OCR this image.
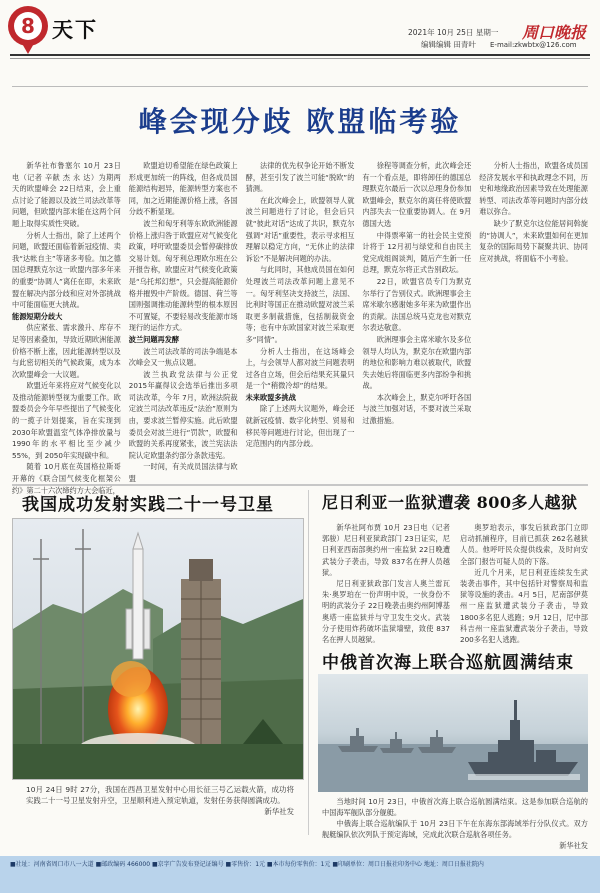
8 天下	2021年 10月 25日 星期一
编辑编辑 田青叶
周口晚报
E-mail:zkwbtx@126.com
峰会现分歧 欧盟临考验

新华社布鲁塞尔 10月 23日电（记者 辛献 杰 永 达）为期两天的欧盟峰会 22日结束，会上重点讨论了能源以及波兰司法改革等问题，但欧盟内部未能在这两个问题上取得实质性突破。

分析人士指出，除了上述两个问题，欧盟还面临着新冠疫情、卖我“达帐自主”等诸多考验。加之德国总理默克尔这一欧盟内部多年来的重要“协调人”离任在即，未来欧盟在解决内部分歧和应对外部挑战中可能面临更大挑战。

能源短期分歧大

供应紧张、需求激升、库存不足等因素叠加，导致近期欧洲能源价格不断上涨，因此能源转型以及与此密切相关的气候政策，成为本次欧盟峰会一大议题。

欧盟近年来将应对气候变化以及推动能源转型视为重要工作。欧盟委员会今年早些提出了气候变化的一揽子计划提案，旨在实现到 2030年欧盟温室气体净排放量与 1990年的水平相比至少减少 55%，到 2050年实现碳中和。

随着 10月底在英国格拉斯哥开幕的《联合国气候变化框架公约》第二十六次缔约方大会临近，

欧盟迫切希望能在绿色政策上形成更加统一的阵线，但各成员国能源结构迥异，能源转型方案也不同，加之近期能源价格上涨，各国分歧不断显现。

波兰和匈牙利等东欧欧洲能源价格上涨归咎于欧盟应对气候变化政策，呼吁欧盟委员会暂停碳排放交易计划。匈牙利总理欧尔班在公开报告称，欧盟应对气候变化政策是“乌托邦幻想”，只会提高能源价格并摧毁中产阶级。德国、荷兰等国则强调推动能源转型的根本原因不可置疑，不要轻易改变能源市场现行的运作方式。

波兰问题再发酵

波兰司法改革的司法争端是本次峰会又一焦点议题。

波兰执政党法律与公正党 2015年赢得议会选举后推出多项司法改革，今年 7月，欧洲法院裁定波兰司法改革违反“法治”原则为由，要求波兰暂停实施。此后欧盟委员会对波兰进行“罚款”，欧盟和欧盟的关系再度紧张，波兰宪法法院认定欧盟条约部分条款违宪。

一时间，有关成员国法律与欧盟

法律的优先权争论开始不断发酵，甚至引发了波兰可能“脱欧”的猜测。

在此次峰会上，欧盟领导人就波兰问题进行了讨论，但会后只就“彼此对话”达成了共识，默克尔强调“对话”重要性，表示寻求相互理解以稳定方向，“无休止的法律诉讼”不是解决问题的办法。

与此同时，其他成员国在如何处理波兰司法改革问题上意见不一。匈牙利坚决支持波兰，法国、比利时等国正在推动欧盟对波兰采取更多制裁措施，包括制裁资金等；也有中东欧国家对波兰采取更多“同情”。

分析人士指出，在这场峰会上，与会领导人都对波兰问题表明过各自立场，但会后结果充其量只是一个“稍微冷却”的结果。

未来欧盟多挑战

除了上述两大议题外，峰会还就新冠疫情、数字化转型、贸易和移民等问题进行讨论，但出现了一定范围内的内部分歧。

徐程等调查分析，此次峰会还有一个看点是，即将卸任的德国总理默克尔最后一次以总理身份参加欧盟峰会，默克尔的离任将使欧盟内部失去一位重要协调人。在 9月德国大选

中得票率第一的社会民主党预计将于 12月初与绿党和自由民主党完成组阁谈判，随后产生新一任总理，默克尔将正式告别政坛。

22日，欧盟官员专门为默克尔举行了告别仪式。欧洲理事会主席米歇尔感谢她多年来为欧盟作出的贡献。法国总统马克龙也对默克尔表达敬意。

欧洲理事会主席米歇尔及多位领导人均认为，默克尔在欧盟内部的地位和影响力难以被取代，欧盟失去她后将面临更多内部纷争和挑战。

本次峰会上，默克尔呼吁各国与波兰加强对话，不要对波兰采取过激措施。

分析人士指出，欧盟各成员国经济发展水平和执政理念不同，历史和地缘政治因素导致在处理能源转型、司法改革等问题时内部分歧难以弥合。

缺少了默克尔这位能居间斡旋的“协调人”，未来欧盟如何在更加复杂的国际局势下凝聚共识、协同应对挑战，将面临不小考验。

我国成功发射实践二十一号卫星
10月 24日 9时 27分，我国在西昌卫星发射中心用长征三号乙运载火箭，成功将实践二十一号卫星发射升空，卫星顺利进入预定轨道，发射任务获得圆满成功。
新华社发
尼日利亚一监狱遭袭 800多人越狱

新华社阿布贾 10月 23日电（记者 郭骏）尼日利亚狱政部门 23日证实，尼日利亚西南部奥约州一座监狱 22日晚遭武装分子袭击，导致 837名在押人员越狱。

尼日利亚狱政部门发言人奥兰雷瓦朱·奥罗珀在一份声明中说，一伙身份不明的武装分子 22日晚袭击奥约州阿博基奥塔一座监狱并与守卫发生交火。武装分子使用炸药破坏监狱墙壁，致使 837名在押人员越狱。

奥罗珀表示，事发后狱政部门立即启动抓捕程序，目前已抓获 262名越狱人员。他呼吁民众提供线索，及时向安全部门报告可疑人员的下落。

近几个月来，尼日利亚连续发生武装袭击事件，其中包括针对警察局和监狱等设施的袭击。4月 5日，尼南部伊莫州一座监狱遭武装分子袭击，导致 1800多名犯人逃跑；9月 12日，尼中部科吉州一座监狱遭武装分子袭击，导致 200多名犯人逃跑。

中俄首次海上联合巡航圆满结束
当地时间 10月 23日，中俄首次海上联合巡航圆满结束。这是参加联合巡航的中国海军舰队部分舰艇。
中俄海上联合巡航编队于 10月 23日下午在东海东部海域举行分队仪式。双方舰艇编队依次列队于预定海域，完成此次联合巡航各项任务。
新华社发
■社址：河南省周口市八一大道 ■邮政编码 466000 ■京字广告发布登记证编号 ■零售价：1元 ■本市每份零售价：1元 ■印刷单位：周口日报社印务中心 地址：周口日报社院内
